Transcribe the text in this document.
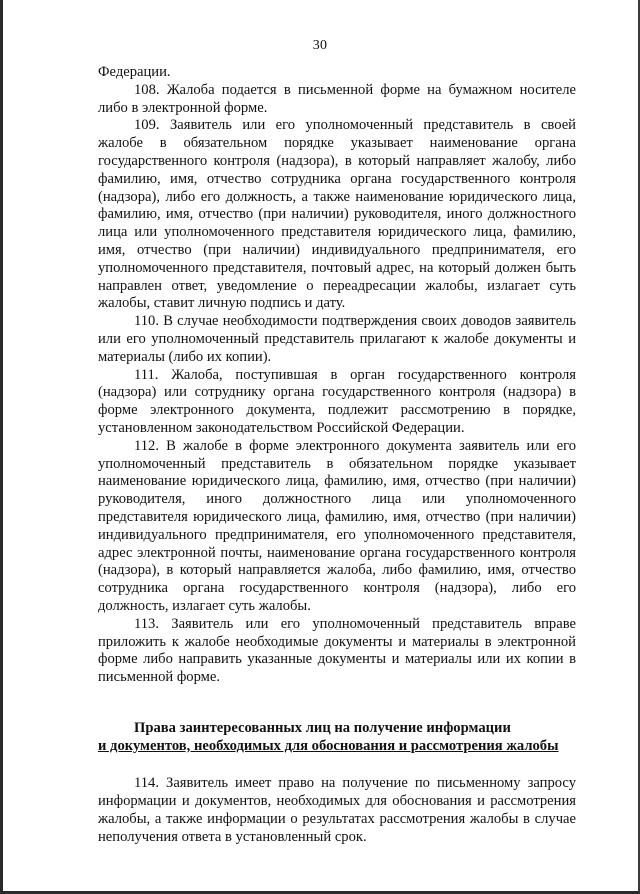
30

Федерации.

108. Жалоба подается в письменной форме на бумажном носителе либо в электронной форме.

109. Заявитель или его уполномоченный представитель в своей жалобе в обязательном порядке указывает наименование органа государственного контроля (надзора), в который направляет жалобу, либо фамилию, имя, отчество сотрудника органа государственного контроля (надзора), либо его должность, а также наименование юридического лица, фамилию, имя, отчество (при наличии) руководителя, иного должностного лица или уполномоченного представителя юридического лица, фамилию, имя, отчество (при наличии) индивидуального предпринимателя, его уполномоченного представителя, почтовый адрес, на который должен быть направлен ответ, уведомление о переадресации жалобы, излагает суть жалобы, ставит личную подпись и дату.

110. В случае необходимости подтверждения своих доводов заявитель или его уполномоченный представитель прилагают к жалобе документы и материалы (либо их копии).

111. Жалоба, поступившая в орган государственного контроля (надзора) или сотруднику органа государственного контроля (надзора) в форме электронного документа, подлежит рассмотрению в порядке, установленном законодательством Российской Федерации.

112. В жалобе в форме электронного документа заявитель или его уполномоченный представитель в обязательном порядке указывает наименование юридического лица, фамилию, имя, отчество (при наличии) руководителя, иного должностного лица или уполномоченного представителя юридического лица, фамилию, имя, отчество (при наличии) индивидуального предпринимателя, его уполномоченного представителя, адрес электронной почты, наименование органа государственного контроля (надзора), в который направляется жалоба, либо фамилию, имя, отчество сотрудника органа государственного контроля (надзора), либо его должность, излагает суть жалобы.

113. Заявитель или его уполномоченный представитель вправе приложить к жалобе необходимые документы и материалы в электронной форме либо направить указанные документы и материалы или их копии в письменной форме.

Права заинтересованных лиц на получение информации

и документов, необходимых для обоснования и рассмотрения жалобы

114. Заявитель имеет право на получение по письменному запросу информации и документов, необходимых для обоснования и рассмотрения жалобы, а также информации о результатах рассмотрения жалобы в случае неполучения ответа в установленный срок.
